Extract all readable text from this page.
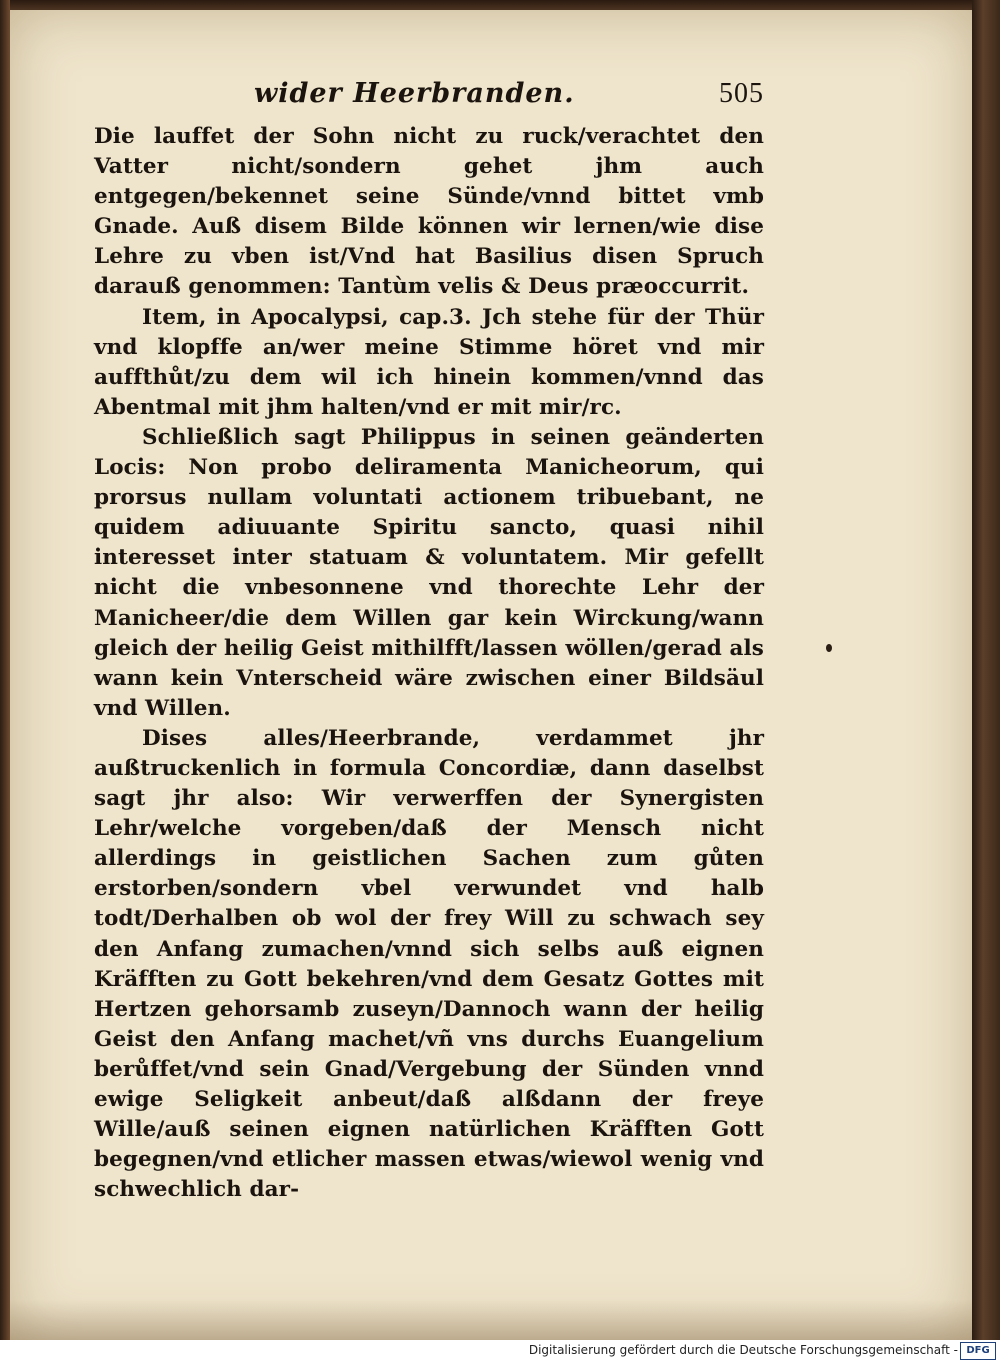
wider Heerbranden.	505

Die lauffet der Sohn nicht zu ruck/verachtet den Vatter nicht/sondern gehet jhm auch entgegen/bekennet seine Sünde/vnnd bittet vmb Gnade. Auß disem Bilde können wir lernen/wie dise Lehre zu vben ist/Vnd hat Basilius disen Spruch darauß genommen: Tantùm velis & Deus præoccurrit.

Item, in Apocalypsi, cap.3. Jch stehe für der Thür vnd klopffe an/wer meine Stimme höret vnd mir auffthůt/zu dem wil ich hinein kommen/vnnd das Abentmal mit jhm halten/vnd er mit mir/rc.

Schließlich sagt Philippus in seinen geänderten Locis: Non probo deliramenta Manicheorum, qui prorsus nullam voluntati actionem tribuebant, ne quidem adiuuante Spiritu sancto, quasi nihil interesset inter statuam & voluntatem. Mir gefellt nicht die vnbesonnene vnd thorechte Lehr der Manicheer/die dem Willen gar kein Wirckung/wann gleich der heilig Geist mithilfft/lassen wöllen/gerad als wann kein Vnterscheid wäre zwischen einer Bildsäul vnd Willen.

Dises alles/Heerbrande, verdammet jhr außtruckenlich in formula Concordiæ, dann daselbst sagt jhr also: Wir verwerffen der Synergisten Lehr/welche vorgeben/daß der Mensch nicht allerdings in geistlichen Sachen zum gůten erstorben/sondern vbel verwundet vnd halb todt/Derhalben ob wol der frey Will zu schwach sey den Anfang zumachen/vnnd sich selbs auß eignen Kräfften zu Gott bekehren/vnd dem Gesatz Gottes mit Hertzen gehorsamb zuseyn/Dannoch wann der heilig Geist den Anfang machet/vñ vns durchs Euangelium berůffet/vnd sein Gnad/Vergebung der Sünden vnnd ewige Seligkeit anbeut/daß alßdann der freye Wille/auß seinen eignen natürlichen Kräfften Gott begegnen/vnd etlicher massen etwas/wiewol wenig vnd schwechlich dar-

Digitalisierung gefördert durch die Deutsche Forschungsgemeinschaft - DFG
